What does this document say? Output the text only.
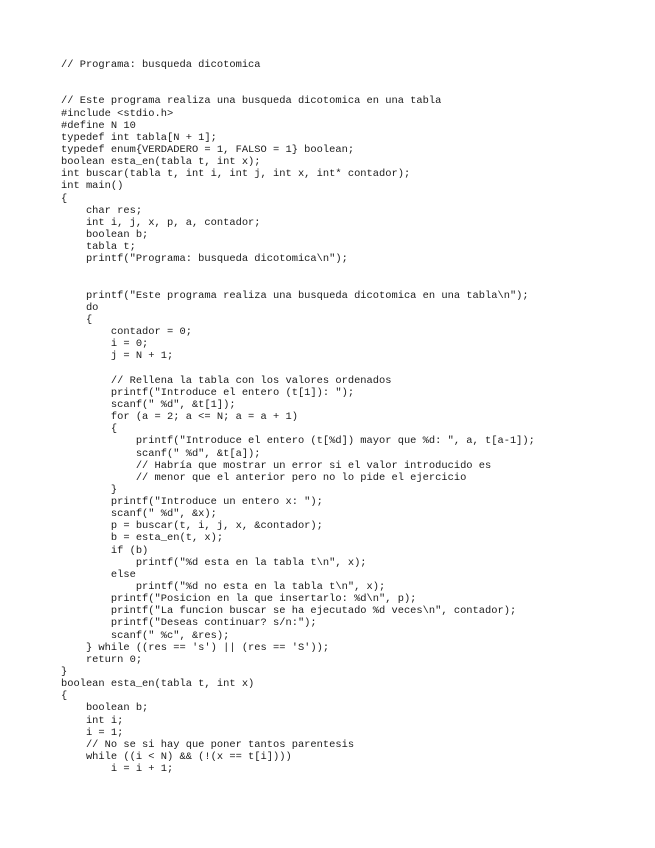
// Programa: busqueda dicotomica
// Este programa realiza una busqueda dicotomica en una tabla
#include <stdio.h>
#define N 10
typedef int tabla[N + 1];
typedef enum{VERDADERO = 1, FALSO = 1} boolean;
boolean esta_en(tabla t, int x);
int buscar(tabla t, int i, int j, int x, int* contador);
int main()
{
char res;
int i, j, x, p, a, contador;
boolean b;
tabla t;
printf("Programa: busqueda dicotomica\n");
printf("Este programa realiza una busqueda dicotomica en una tabla\n");
do
{
contador = 0;
i = 0;
j = N + 1;
// Rellena la tabla con los valores ordenados
printf("Introduce el entero (t[1]): ");
scanf(" %d", &t[1]);
for (a = 2; a <= N; a = a + 1)
{
printf("Introduce el entero (t[%d]) mayor que %d: ", a, t[a-1]);
scanf(" %d", &t[a]);
// Habría que mostrar un error si el valor introducido es
// menor que el anterior pero no lo pide el ejercicio
}
printf("Introduce un entero x: ");
scanf(" %d", &x);
p = buscar(t, i, j, x, &contador);
b = esta_en(t, x);
if (b)
printf("%d esta en la tabla t\n", x);
else
printf("%d no esta en la tabla t\n", x);
printf("Posicion en la que insertarlo: %d\n", p);
printf("La funcion buscar se ha ejecutado %d veces\n", contador);
printf("Deseas continuar? s/n:");
scanf(" %c", &res);
} while ((res == 's') || (res == 'S'));
return 0;
}
boolean esta_en(tabla t, int x)
{
boolean b;
int i;
i = 1;
// No se si hay que poner tantos parentesis
while ((i < N) && (!(x == t[i])))
i = i + 1;
